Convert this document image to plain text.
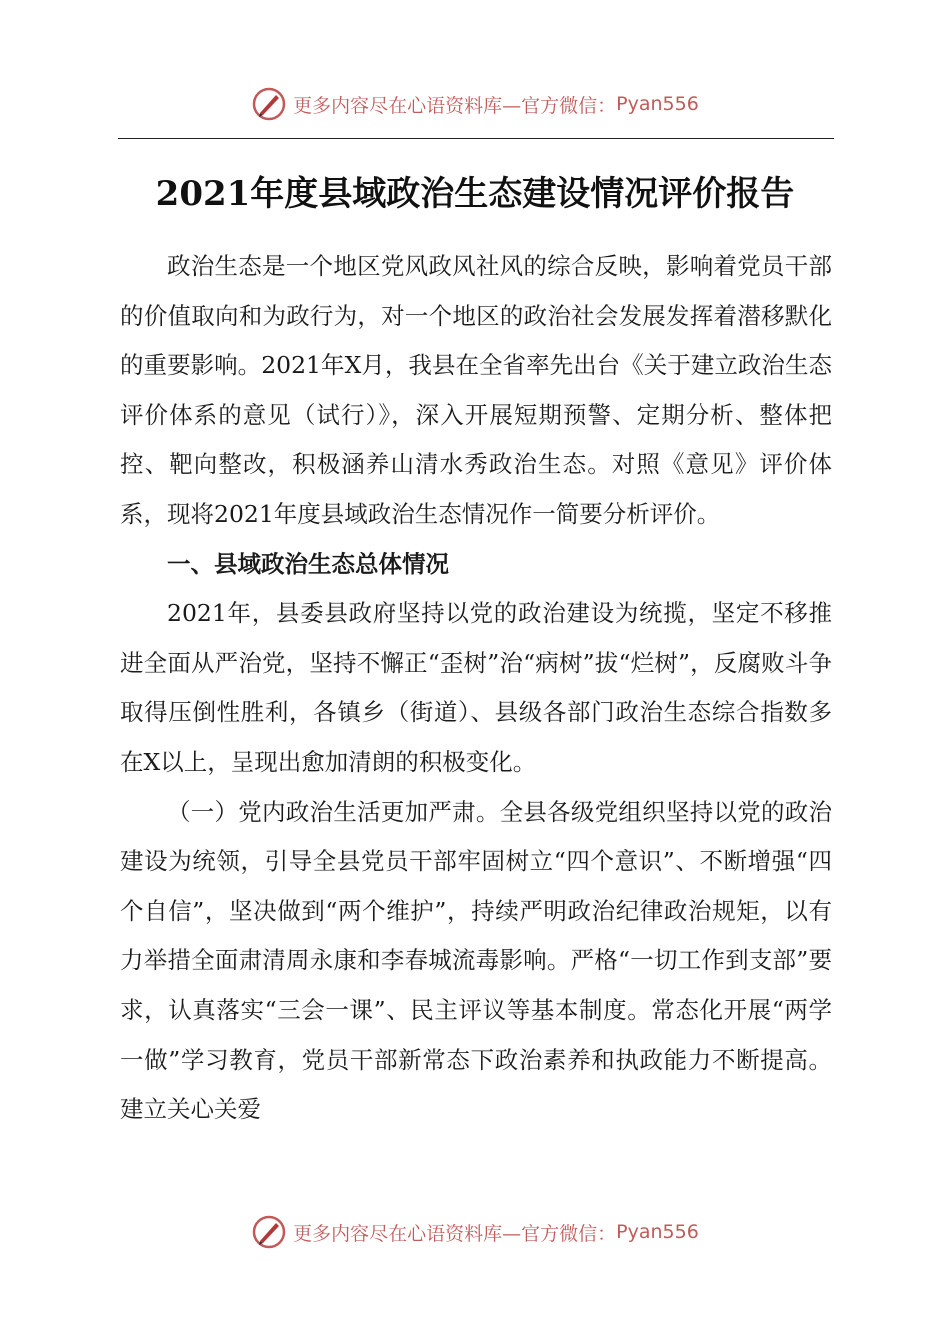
更多内容尽在心语资料库—官方微信： Pyan556
2021年度县域政治生态建设情况评价报告

政治生态是一个地区党风政风社风的综合反映，影响着党员干部的价值取向和为政行为，对一个地区的政治社会发展发挥着潜移默化的重要影响。2021年X月，我县在全省率先出台《关于建立政治生态评价体系的意见（试行）》，深入开展短期预警、定期分析、整体把控、靶向整改，积极涵养山清水秀政治生态。对照《意见》评价体系，现将2021年度县域政治生态情况作一简要分析评价。

一、县域政治生态总体情况

2021年，县委县政府坚持以党的政治建设为统揽，坚定不移推进全面从严治党，坚持不懈正“歪树”治“病树”拔“烂树”，反腐败斗争取得压倒性胜利，各镇乡（街道）、县级各部门政治生态综合指数多在X以上，呈现出愈加清朗的积极变化。

（一）党内政治生活更加严肃。全县各级党组织坚持以党的政治建设为统领，引导全县党员干部牢固树立“四个意识”、不断增强“四个自信”，坚决做到“两个维护”，持续严明政治纪律政治规矩，以有力举措全面肃清周永康和李春城流毒影响。严格“一切工作到支部”要求，认真落实“三会一课”、民主评议等基本制度。常态化开展“两学一做”学习教育，党员干部新常态下政治素养和执政能力不断提高。建立关心关爱

更多内容尽在心语资料库—官方微信： Pyan556
